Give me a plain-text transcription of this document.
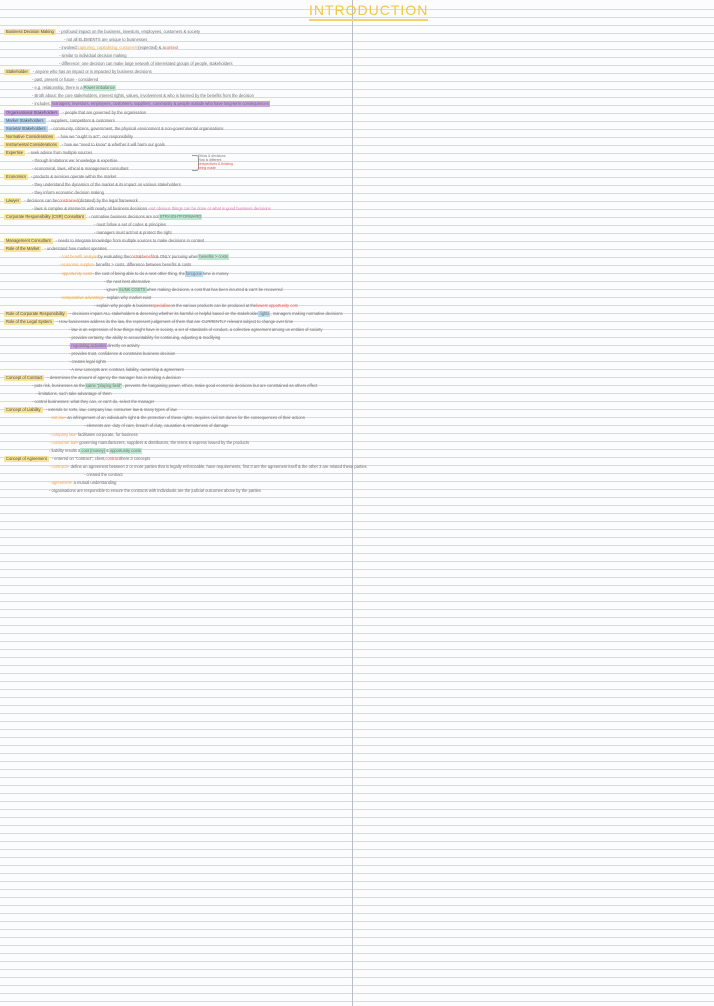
INTRODUCTION
Business Decision Making - profound impact on the business, investors, employees, customers & society
- not all ELEMENTS are unique to businesses
- involved:capturing, capitalising, customers(expected) & acontext
- similar to individual decision making
- difference: one decision can make large network of interrelated groups of people, stakeholders
Stakeholder - anyone who has an impact or is impacted by business decisions
- past, present or future - considered
- e.g. relationship, there is aPower imbalance
- Broth about: the core stakeholders, interest rights, values, involvement & who is harmed by the benefits from the decision
- includes:managers, investors, employees, customers, suppliers, community & people outside who have long-term consequences
Organisational Stakeholders - people that are governed by the organisation
Market Stakeholders - suppliers, competitors & customers
Societal Stakeholders - community, citizens, government, the physical environment & non-governmental organisations
Normative Considerations - how we "ought to act", our responsibility
Instrumental Considerations - how we "need to know" & whether it will harm our goals
Expertise - seek advice from multiple sources
- through limitations we: knowledge & expertise
- economical, laws, ethical & management consultant
Economics - products & services operate within the market
- they understand the dynamics of the market & its impact on various stakeholders
- they inform economic decision making
Lawyer - decisions can beconstrained(dictated) by the legal framework
- laws is complex & intersects with nearly all business decisions -not obvious things can be done or what is good business decisions
Corporate Responsibility (CSR) Consultant - normative business decisions are notSTRAIGHTFORWARD
- must follow a set of codes & principles
- managers must act/not & protect the right
Management Consultant - needs to integrate knowledge from multiple sources to make decisions in context
Role of the Market - understand how market operates
- cost benefit analysisby evaluating thecosts&benefits& ONLY pursuing whenbenefits > costs
- economic surplus- benefits > costs, difference between benefits & costs
- opportunity costs- the cost of being able to do a next other thing, theforegonetime in money
- the next best alternative
- ignoreSUNK COSTSwhen making decisions, a cost that has been incurred & can't be recovered
- comparative advantage- explain why market exist
- explain why people & businessspecialiseon the various products can be produced at thelowest opportunity cost
Role of Corporate Responsibility - decisions impact ALL stakeholders & deserving whether its harmful or helpful based on the stakeholderrights, managers making normative decisions
Role of the Legal System - How businesses address its the law, the represent judgement of them that are CURRENTLY relevant subject to change over time
- law is an expression of how things might have in society, a set of standards of conduct, a collective agreement among us entities of society
- provides certainty, the ability to accountability for continuing, adjusting & modifying
regulating activitiesdirectly on activity
- provides trust, confidence & constrains business decision
- creates legal rights
- A new concepts are: contract, liability, ownership & agreement
Concept of Contract - determines the amount of agency the manager has in making a decision
- puts risk, businesses as thesame "playing field", prevents the bargaining power, ethics, make good economic decisions but are constrained as others effect
- limitations, such take advantage of them
- control businesses: what they can, or can't do, select the manager
Concept of Liability - extends to: torts, law, company law, consumer law & many types of law
- tort law- an infringement of an individual's right & the protection of these rights, requires civil tort dunes for the consequences of their actions
- elements are: duty of care, breach of duty, causation & remoteness of damage
- company law- facilitates corporate, for business
- consumer law- governing manufacturers, suppliers & distributors, the terms & express issued by the products
- liability results acost (money)&opportunity costs
Concept of Agreement - entered on "contract", client,contractthere 3 concepts
- contracts- define an agreement between 2 or more parties that is legally enforceable, have requirements, first 3 are the agreement itself & the other 3 are related these parties
- created the contract
- agreement- a mutual understanding
- organisations are responsible to ensure the contracts with individuals are the judicial outcomes above by the parties
Ethics & decisions
How is different
perspectives & thinking
being made
